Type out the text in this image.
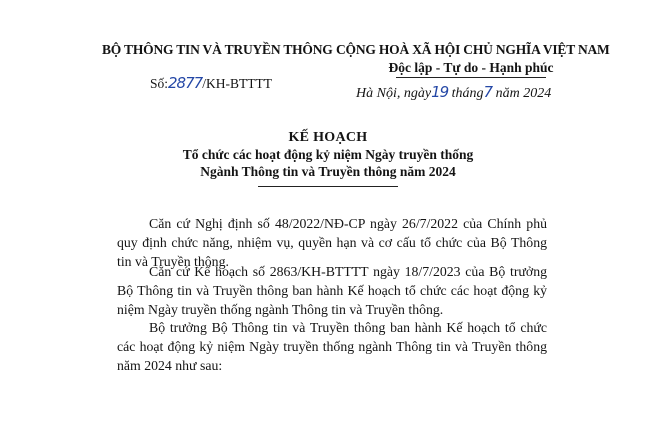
BỘ THÔNG TIN VÀ TRUYỀN THÔNG
Số:2877/KH-BTTTT
CỘNG HOÀ XÃ HỘI CHỦ NGHĨA VIỆT NAM
Độc lập - Tự do - Hạnh phúc
Hà Nội, ngày19 tháng7 năm 2024
KẾ HOẠCH
Tổ chức các hoạt động kỷ niệm Ngày truyền thống
Ngành Thông tin và Truyền thông năm 2024

Căn cứ Nghị định số 48/2022/NĐ-CP ngày 26/7/2022 của Chính phủ quy định chức năng, nhiệm vụ, quyền hạn và cơ cấu tổ chức của Bộ Thông tin và Truyền thông.

Căn cứ Kế hoạch số 2863/KH-BTTTT ngày 18/7/2023 của Bộ trưởng Bộ Thông tin và Truyền thông ban hành Kế hoạch tổ chức các hoạt động kỷ niệm Ngày truyền thống ngành Thông tin và Truyền thông.

Bộ trưởng Bộ Thông tin và Truyền thông ban hành Kế hoạch tổ chức các hoạt động kỷ niệm Ngày truyền thống ngành Thông tin và Truyền thông năm 2024 như sau:
